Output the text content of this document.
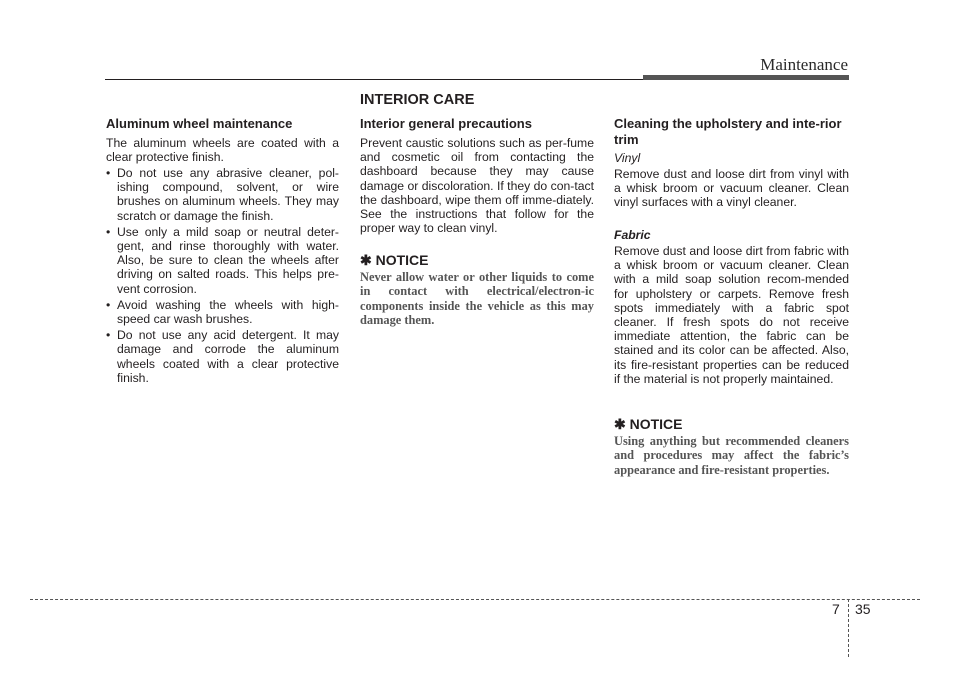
Maintenance
Aluminum wheel maintenance

The aluminum wheels are coated with a clear protective finish.

• Do not use any abrasive cleaner, pol-ishing compound, solvent, or wire brushes on aluminum wheels. They may scratch or damage the finish.
• Use only a mild soap or neutral deter-gent, and rinse thoroughly with water. Also, be sure to clean the wheels after driving on salted roads. This helps pre-vent corrosion.
• Avoid washing the wheels with high-speed car wash brushes.
• Do not use any acid detergent. It may damage and corrode the aluminum wheels coated with a clear protective finish.
INTERIOR CARE
Interior general precautions

Prevent caustic solutions such as per-fume and cosmetic oil from contacting the dashboard because they may cause damage or discoloration. If they do con-tact the dashboard, wipe them off imme-diately. See the instructions that follow for the proper way to clean vinyl.

✱ NOTICE

Never allow water or other liquids to come in contact with electrical/electron-ic components inside the vehicle as this may damage them.

Cleaning the upholstery and inte-rior trim
Vinyl

Remove dust and loose dirt from vinyl with a whisk broom or vacuum cleaner. Clean vinyl surfaces with a vinyl cleaner.

Fabric

Remove dust and loose dirt from fabric with a whisk broom or vacuum cleaner. Clean with a mild soap solution recom-mended for upholstery or carpets. Remove fresh spots immediately with a fabric spot cleaner. If fresh spots do not receive immediate attention, the fabric can be stained and its color can be affected. Also, its fire-resistant properties can be reduced if the material is not properly maintained.

✱ NOTICE

Using anything but recommended cleaners and procedures may affect the fabric’s appearance and fire-resistant properties.

7 35
